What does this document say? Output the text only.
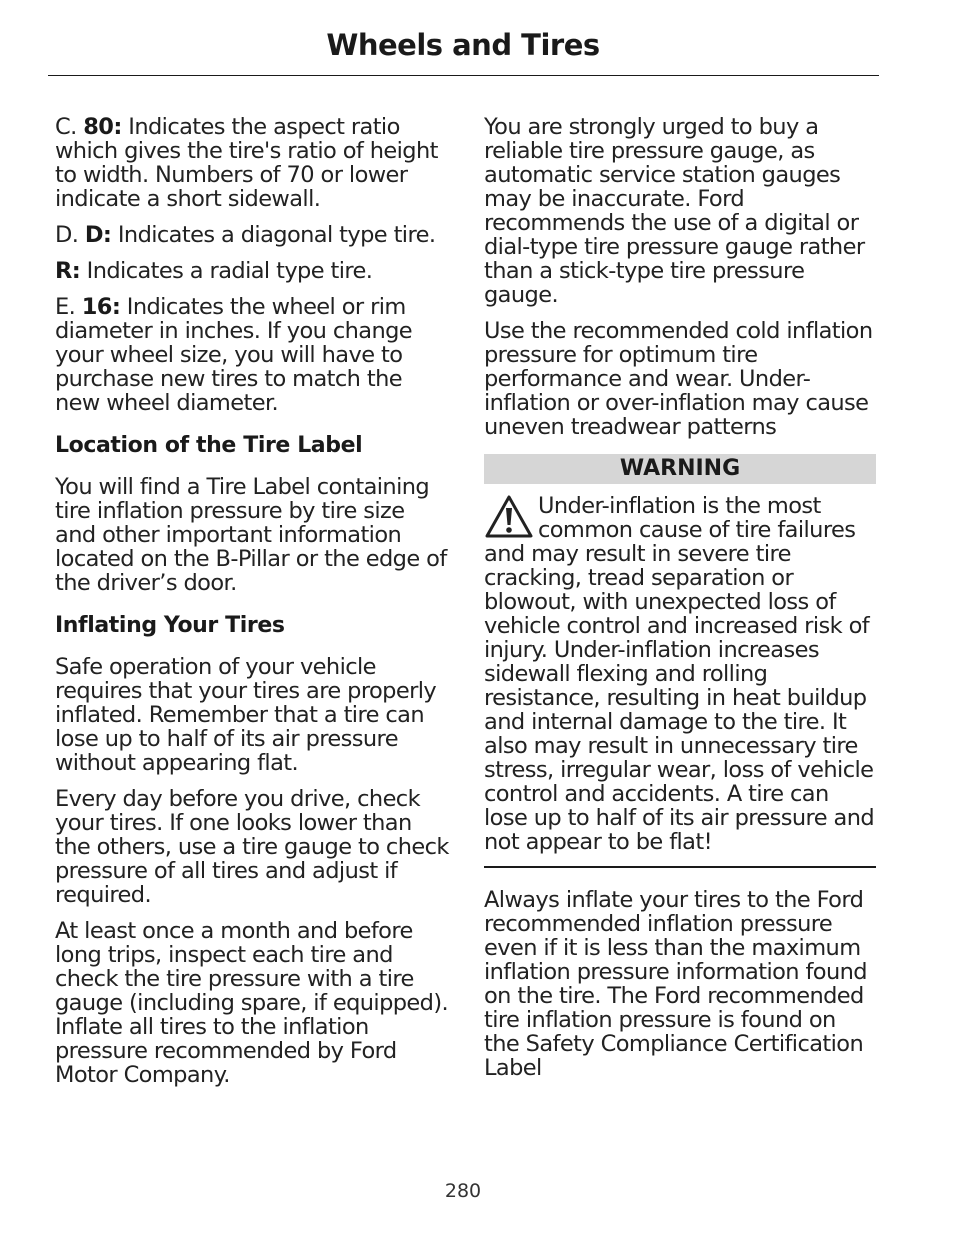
Wheels and Tires

C. 80: Indicates the aspect ratio which gives the tire's ratio of height to width. Numbers of 70 or lower indicate a short sidewall.

D. D: Indicates a diagonal type tire.

R: Indicates a radial type tire.

E. 16: Indicates the wheel or rim diameter in inches. If you change your wheel size, you will have to purchase new tires to match the new wheel diameter.

Location of the Tire Label

You will find a Tire Label containing tire inflation pressure by tire size and other important information located on the B-Pillar or the edge of the driver’s door.

Inflating Your Tires

Safe operation of your vehicle requires that your tires are properly inflated. Remember that a tire can lose up to half of its air pressure without appearing flat.

Every day before you drive, check your tires. If one looks lower than the others, use a tire gauge to check pressure of all tires and adjust if required.

At least once a month and before long trips, inspect each tire and check the tire pressure with a tire gauge (including spare, if equipped). Inflate all tires to the inflation pressure recommended by Ford Motor Company.

You are strongly urged to buy a reliable tire pressure gauge, as automatic service station gauges may be inaccurate. Ford recommends the use of a digital or dial-type tire pressure gauge rather than a stick-type tire pressure gauge.

Use the recommended cold inflation pressure for optimum tire performance and wear. Under-inflation or over-inflation may cause uneven treadwear patterns

WARNING

Under-inflation is the most common cause of tire failures and may result in severe tire cracking, tread separation or blowout, with unexpected loss of vehicle control and increased risk of injury. Under-inflation increases sidewall flexing and rolling resistance, resulting in heat buildup and internal damage to the tire. It also may result in unnecessary tire stress, irregular wear, loss of vehicle control and accidents. A tire can lose up to half of its air pressure and not appear to be flat!

Always inflate your tires to the Ford recommended inflation pressure even if it is less than the maximum inflation pressure information found on the tire. The Ford recommended tire inflation pressure is found on the Safety Compliance Certification Label

280
